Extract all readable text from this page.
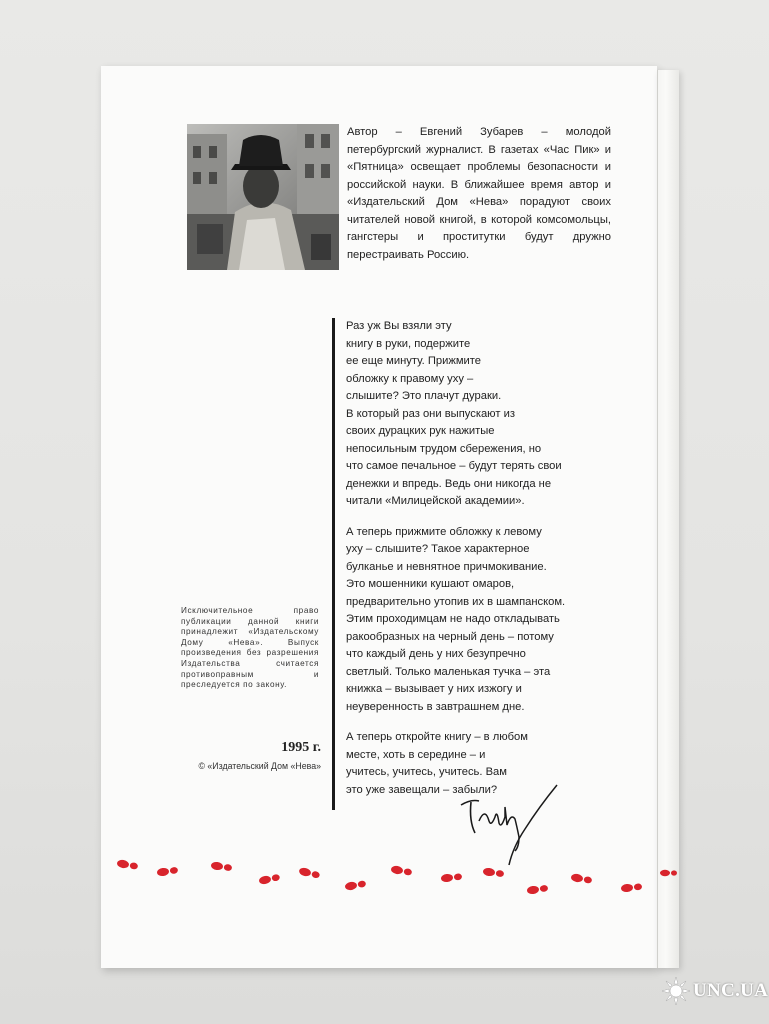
Автор – Евгений Зубарев – молодой петербургский журналист. В газетах «Час Пик» и «Пятница» освещает проблемы безопасности и российской науки. В ближайшее время автор и «Издательский Дом «Нева» порадуют своих читателей новой книгой, в которой комсомольцы, гангстеры и проститутки будут дружно перестраивать Россию.

Раз уж Вы взяли эту
книгу в руки, подержите
ее еще минуту. Прижмите
обложку к правому уху –
слышите? Это плачут дураки.
В который раз они выпускают из
своих дурацких рук нажитые
непосильным трудом сбережения, но
что самое печальное – будут терять свои
денежки и впредь. Ведь они никогда не
читали «Милицейской академии».

А теперь прижмите обложку к левому
уху – слышите? Такое характерное
булканье и невнятное причмокивание.
Это мошенники кушают омаров,
предварительно утопив их в шампанском.
Этим проходимцам не надо откладывать
ракообразных на черный день – потому
что каждый день у них безупречно
светлый. Только маленькая тучка – эта
книжка – вызывает у них изжогу и
неуверенность в завтрашнем дне.

А теперь откройте книгу – в любом
месте, хоть в середине – и
учитесь, учитесь, учитесь. Вам
это уже завещали – забыли?

Исключительное право публикации данной книги принадлежит «Издательскому Дому «Нева». Выпуск произведения без разрешения Издательства считается противоправным и преследуется по закону.

1995 г.
© «Издательский Дом «Нева»
UNC.UA
